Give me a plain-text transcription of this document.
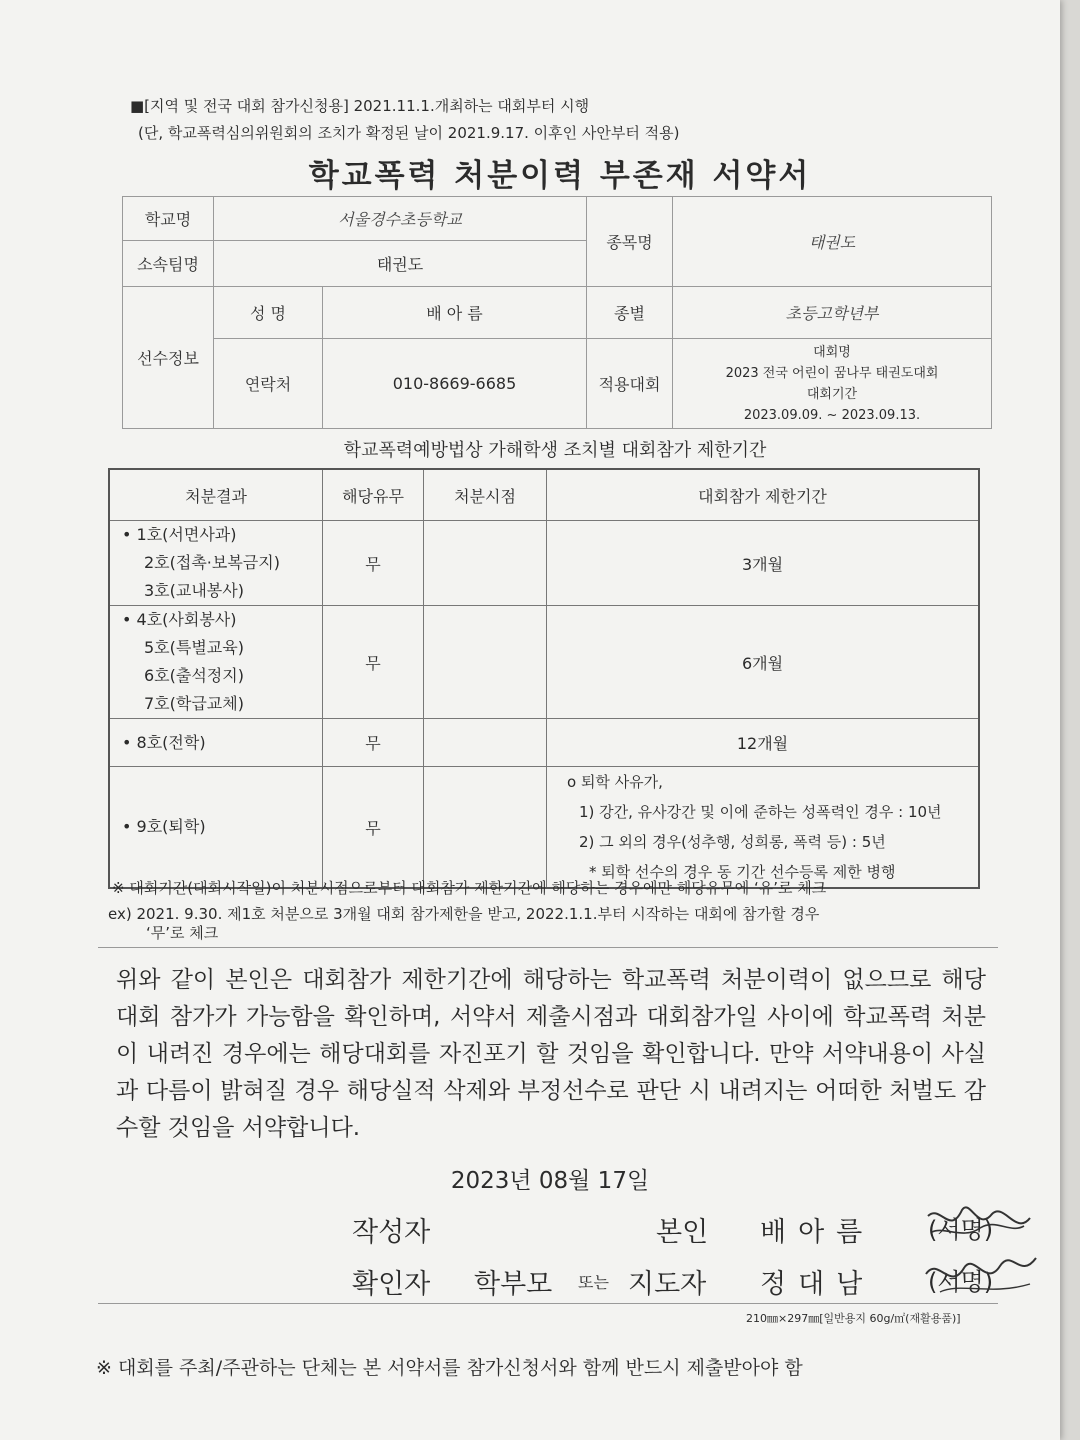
■[지역 및 전국 대회 참가신청용] 2021.11.1.개최하는 대회부터 시행
(단, 학교폭력심의위원회의 조치가 확정된 날이 2021.9.17. 이후인 사안부터 적용)
학교폭력 처분이력 부존재 서약서
학교명	서울경수초등학교		종목명	태권도
소속팀명	태권도			
선수정보	성 명	배 아 름	종별	초등고학년부
	연락처	010-8669-6685	적용대회	대회명
2023 전국 어린이 꿈나무 태권도대회
대회기간
2023.09.09. ~ 2023.09.13.
학교폭력예방법상 가해학생 조치별 대회참가 제한기간
처분결과	해당유무	처분시점	대회참가 제한기간

• 1호(서면사과)
2호(접촉·보복금지)
3호(교내봉사)	무		3개월

• 4호(사회봉사)
5호(특별교육)
6호(출석정지)
7호(학급교체)	무		6개월

• 8호(전학)	무		12개월

• 9호(퇴학)	무		o 퇴학 사유가,
1) 강간, 유사강간 및 이에 준하는 성폭력인 경우 : 10년
2) 그 외의 경우(성추행, 성희롱, 폭력 등) : 5년
* 퇴학 선수의 경우 동 기간 선수등록 제한 병행
※ 대회기간(대회시작일)이 처분시점으로부터 대회참가 제한기간에 해당하는 경우에만 해당유무에 ‘유’로 체크
ex) 2021. 9.30. 제1호 처분으로 3개월 대회 참가제한을 받고, 2022.1.1.부터 시작하는 대회에 참가할 경우
‘무’로 체크
위와 같이 본인은 대회참가 제한기간에 해당하는 학교폭력 처분이력이 없으므로 해당 대회 참가가 가능함을 확인하며, 서약서 제출시점과 대회참가일 사이에 학교폭력 처분이 내려진 경우에는 해당대회를 자진포기 할 것임을 확인합니다. 만약 서약내용이 사실과 다름이 밝혀질 경우 해당실적 삭제와 부정선수로 판단 시 내려지는 어떠한 처벌도 감수할 것임을 서약합니다.
2023년 08월 17일
작성자	본인 배아름 (서명)
확인자 학부모 또는 지도자 정대남 (서명)
210㎜×297㎜[일반용지 60g/㎡(재활용품)]
※ 대회를 주최/주관하는 단체는 본 서약서를 참가신청서와 함께 반드시 제출받아야 함
